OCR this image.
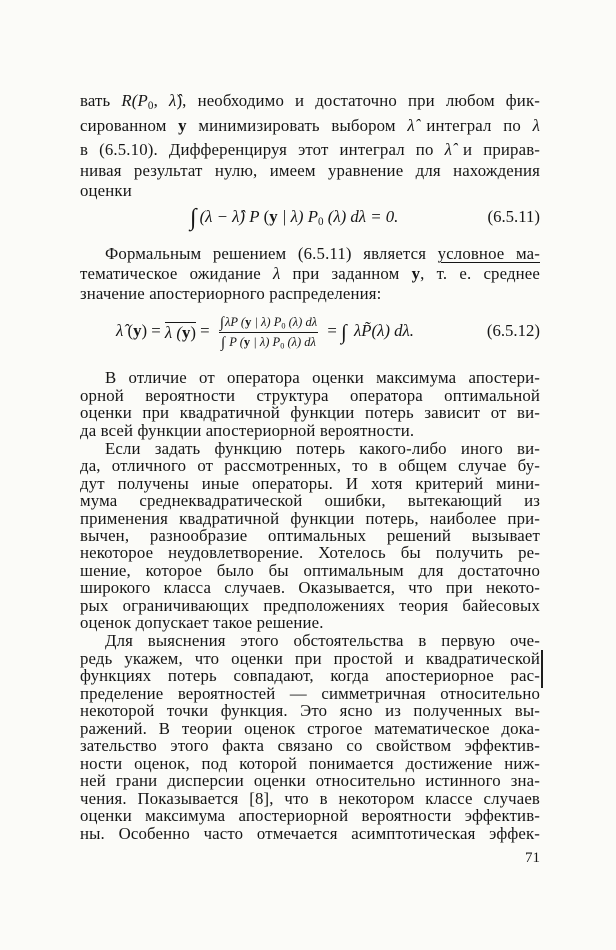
вать R(P0, λ̂), необходимо и достаточно при любом фик-
сированном y минимизировать выбором λ̂ интеграл по λ
в (6.5.10). Дифференцируя этот интеграл по λ̂ и прирав-
нивая результат нулю, имеем уравнение для нахождения
оценки
∫ (λ − λ̂) P (y | λ) P0 (λ) dλ = 0.	(6.5.11)
Формальным решением (6.5.11) является условное ма-
тематическое ожидание λ при заданном y, т. е. среднее
значение апостериорного распределения:
λ̂ (y) = λ $(y) = \frac{\int\lambda P (y | \lambda) P0 (\lambda) d\lambda}{\int P (y | \lambda) P0 (\lambda) d\lambda}$ = ∫ λP̃(λ) dλ.	(6.5.12)
В отличие от оператора оценки максимума апостери-
орной вероятности структура оператора оптимальной
оценки при квадратичной функции потерь зависит от ви-
да всей функции апостериорной вероятности.
Если задать функцию потерь какого-либо иного ви-
да, отличного от рассмотренных, то в общем случае бу-
дут получены иные операторы. И хотя критерий мини-
мума среднеквадратической ошибки, вытекающий из
применения квадратичной функции потерь, наиболее при-
вычен, разнообразие оптимальных решений вызывает
некоторое неудовлетворение. Хотелось бы получить ре-
шение, которое было бы оптимальным для достаточно
широкого класса случаев. Оказывается, что при некото-
рых ограничивающих предположениях теория байесовых
оценок допускает такое решение.
Для выяснения этого обстоятельства в первую оче-
редь укажем, что оценки при простой и квадратической
функциях потерь совпадают, когда апостериорное рас-
пределение вероятностей — симметричная относительно
некоторой точки функция. Это ясно из полученных вы-
ражений. В теории оценок строгое математическое дока-
зательство этого факта связано со свойством эффектив-
ности оценок, под которой понимается достижение ниж-
ней грани дисперсии оценки относительно истинного зна-
чения. Показывается [8], что в некотором классе случаев
оценки максимума апостериорной вероятности эффектив-
ны. Особенно часто отмечается асимптотическая эффек-
71
